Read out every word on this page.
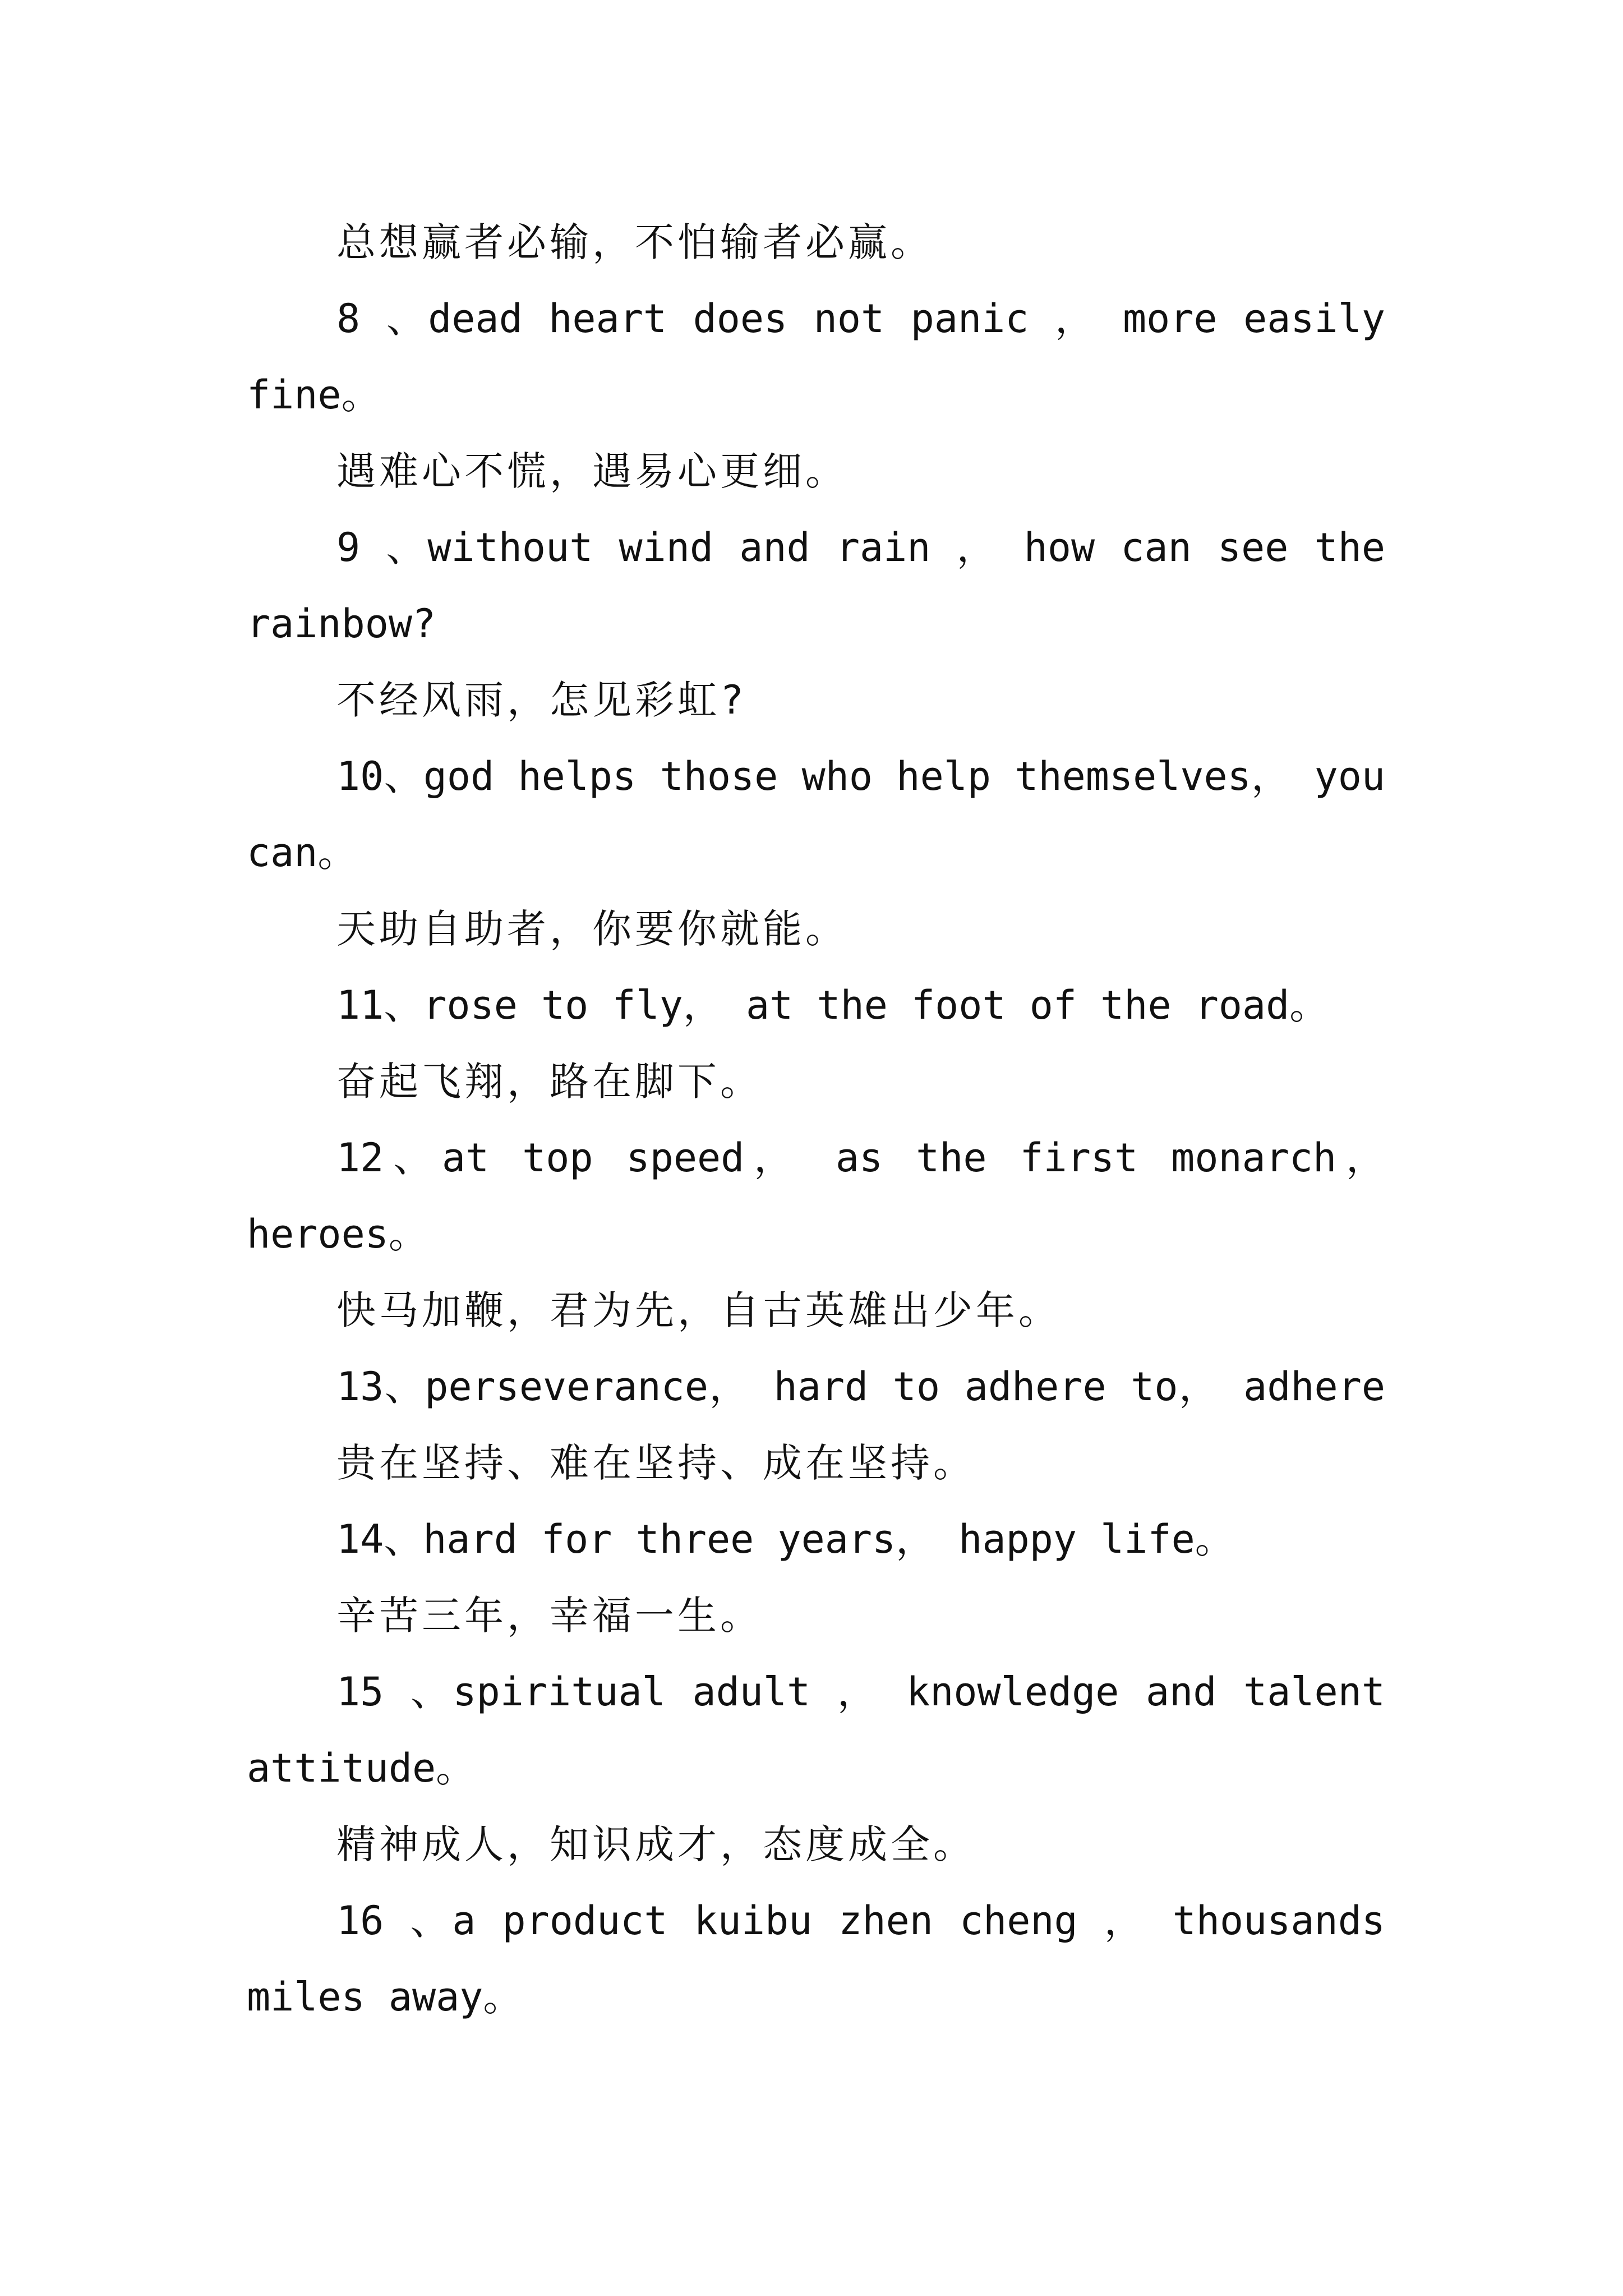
总想赢者必输，不怕输者必赢。
8 、dead heart does not panic ， more easily
fine。
遇难心不慌，遇易心更细。
9 、without wind and rain ， how can see the
rainbow?
不经风雨，怎见彩虹?
10、god helps those who help themselves， you
can。
天助自助者，你要你就能。
11、rose to fly， at the foot of the road。
奋起飞翔，路在脚下。
12、at top speed， as the first monarch，
heroes。
快马加鞭，君为先，自古英雄出少年。
13、perseverance， hard to adhere to， adhere
贵在坚持、难在坚持、成在坚持。
14、hard for three years， happy life。
辛苦三年，幸福一生。
15 、spiritual adult ， knowledge and talent
attitude。
精神成人，知识成才，态度成全。
16 、a product kuibu zhen cheng ， thousands
miles away。
